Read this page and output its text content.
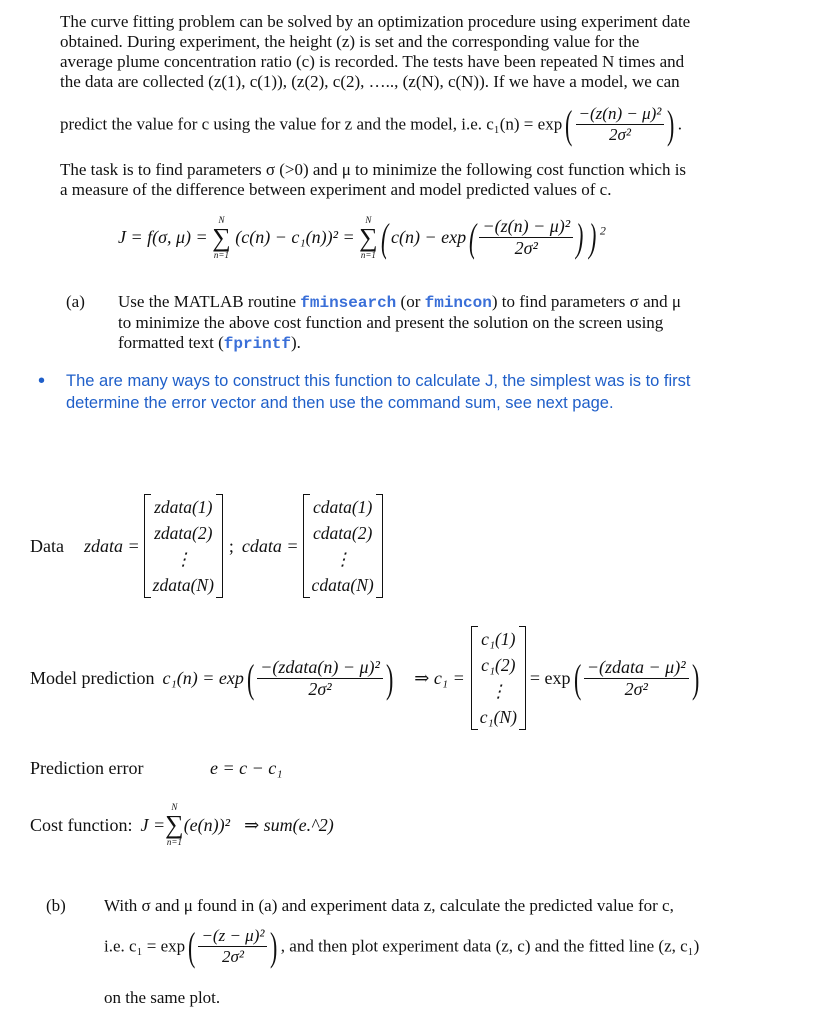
The curve fitting problem can be solved by an optimization procedure using experiment date
obtained. During experiment, the height (z) is set and the corresponding value for the
average plume concentration ratio (c) is recorded. The tests have been repeated N times and
the data are collected (z(1), c(1)), (z(2), c(2), ….., (z(N), c(N)). If we have a model, we can
predict the value for c using the value for z and the model, i.e. $c_1(n) = \exp( \frac{\text{−(z(n) − μ)²}}{\text{2σ²}}$ ) .
The task is to find parameters σ (>0) and μ to minimize the following cost function which is
a measure of the difference between experiment and model predicted values of c.
J = f(σ, μ) =
N
∑
n=1
(c(n) − c₁(n))² =
N
∑
n=1 ( $c(n) - \exp( \frac{\text{−(z(n) − μ)²}}{\text{2σ²}}$ ) ) $^2$
(a) Use the MATLAB routine fminsearch (or fmincon) to find parameters σ and μ
to minimize the above cost function and present the solution on the screen using
formatted text (fprintf).
• The are many ways to construct this function to calculate J, the simplest was is to first
determine the error vector and then use the command sum, see next page.
Data zdata =
zdata(1)
zdata(2)
⋮
zdata(N)
; cdata =
cdata(1)
cdata(2)
⋮
cdata(N)
Model prediction c₁(n) = exp ( $\frac{\text{−(zdata(n) − μ)²}}{\text{2σ²}}$ ) ⇒ c₁ =
c₁(1)
c₁(2)
⋮
c₁(N)
= exp ( $\frac{\text{−(zdata − μ)²}}{\text{2σ²}}$ )
Prediction error	e = c − c₁
Cost function: J =
N
∑
n=1
(e(n))² ⇒ sum(e.^2)
(b) With σ and μ found in (a) and experiment data z, calculate the predicted value for c,
i.e. $c_1 = \exp( \frac{\text{−(z − μ)²}}{\text{2σ²}}$ ) , and then plot experiment data (z, c) and the fitted line (z, c₁)
on the same plot.
